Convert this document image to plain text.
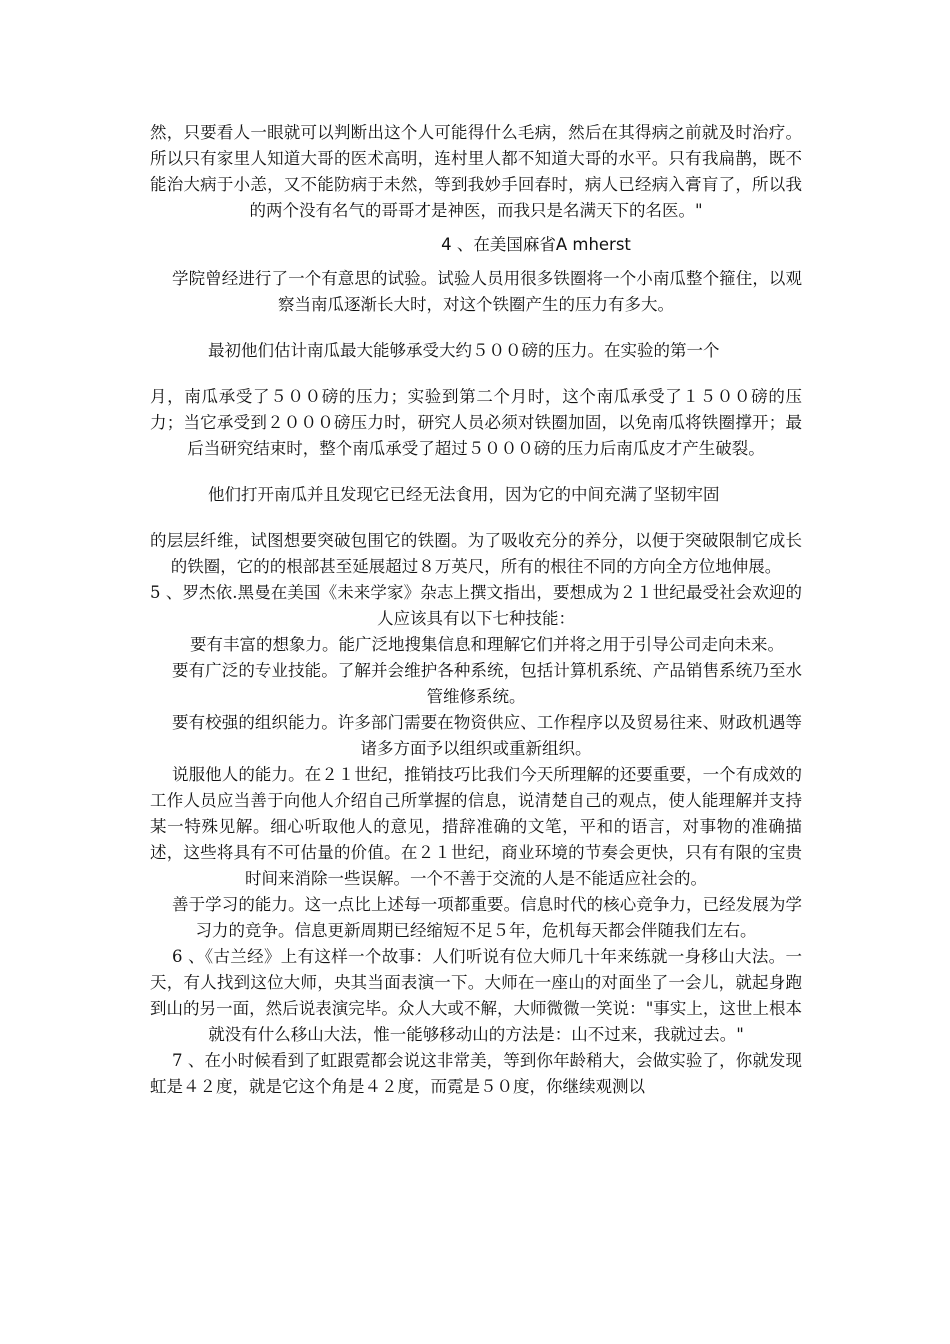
然，只要看人一眼就可以判断出这个人可能得什么毛病，然后在其得病之前就及时治疗。所以只有家里人知道大哥的医术高明，连村里人都不知道大哥的水平。只有我扁鹊，既不能治大病于小恙，又不能防病于未然，等到我妙手回春时，病人已经病入膏肓了，所以我的两个没有名气的哥哥才是神医，而我只是名满天下的名医。"

4 、在美国麻省A mherst

学院曾经进行了一个有意思的试验。试验人员用很多铁圈将一个小南瓜整个箍住，以观察当南瓜逐渐长大时，对这个铁圈产生的压力有多大。

最初他们估计南瓜最大能够承受大约５００磅的压力。在实验的第一个

月，南瓜承受了５００磅的压力；实验到第二个月时，这个南瓜承受了１５００磅的压力；当它承受到２０００磅压力时，研究人员必须对铁圈加固，以免南瓜将铁圈撑开；最后当研究结束时，整个南瓜承受了超过５０００磅的压力后南瓜皮才产生破裂。

他们打开南瓜并且发现它已经无法食用，因为它的中间充满了坚韧牢固

的层层纤维，试图想要突破包围它的铁圈。为了吸收充分的养分，以便于突破限制它成长的铁圈，它的的根部甚至延展超过８万英尺，所有的根往不同的方向全方位地伸展。

5 、罗杰依.黑曼在美国《未来学家》杂志上撰文指出，要想成为２１世纪最受社会欢迎的人应该具有以下七种技能：

要有丰富的想象力。能广泛地搜集信息和理解它们并将之用于引导公司走向未来。

要有广泛的专业技能。了解并会维护各种系统，包括计算机系统、产品销售系统乃至水管维修系统。

要有校强的组织能力。许多部门需要在物资供应、工作程序以及贸易往来、财政机遇等诸多方面予以组织或重新组织。

说服他人的能力。在２１世纪，推销技巧比我们今天所理解的还要重要，一个有成效的工作人员应当善于向他人介绍自己所掌握的信息，说清楚自己的观点，使人能理解并支持某一特殊见解。细心听取他人的意见，措辞准确的文笔，平和的语言，对事物的准确描述，这些将具有不可估量的价值。在２１世纪，商业环境的节奏会更快，只有有限的宝贵时间来消除一些误解。一个不善于交流的人是不能适应社会的。

善于学习的能力。这一点比上述每一项都重要。信息时代的核心竞争力，已经发展为学习力的竞争。信息更新周期已经缩短不足５年，危机每天都会伴随我们左右。

6 、《古兰经》上有这样一个故事：人们听说有位大师几十年来练就一身移山大法。一天，有人找到这位大师，央其当面表演一下。大师在一座山的对面坐了一会儿，就起身跑到山的另一面，然后说表演完毕。众人大或不解，大师微微一笑说："事实上，这世上根本就没有什么移山大法，惟一能够移动山的方法是：山不过来，我就过去。"

7 、在小时候看到了虹跟霓都会说这非常美，等到你年龄稍大，会做实验了，你就发现虹是４２度，就是它这个角是４２度，而霓是５０度，你继续观测以
